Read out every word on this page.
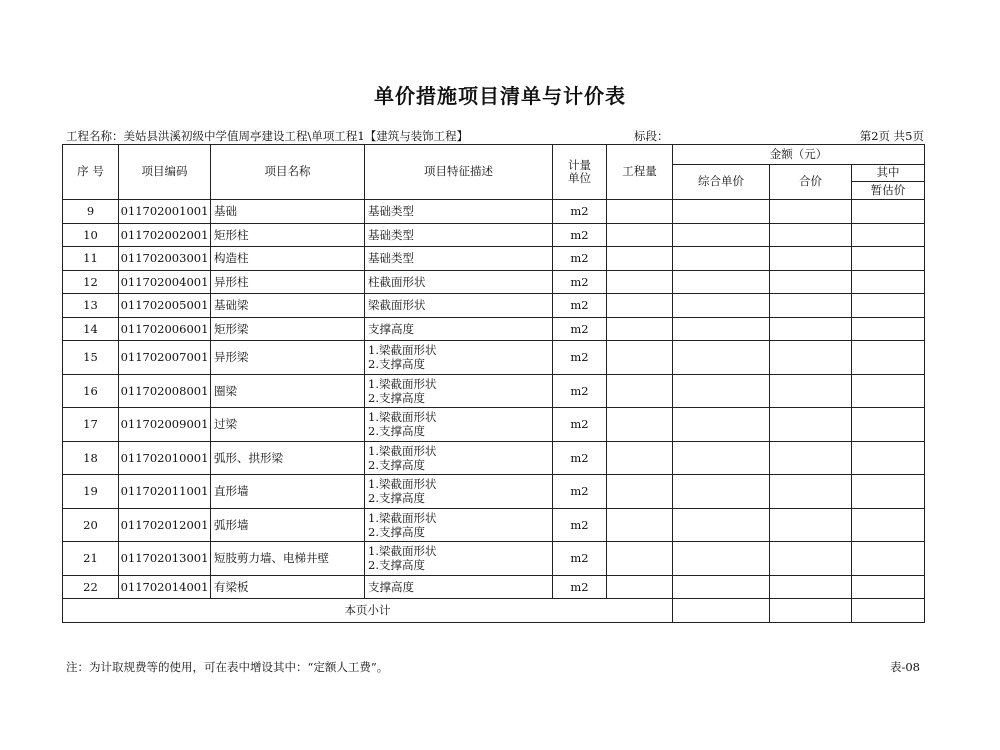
单价措施项目清单与计价表
工程名称：美姑县洪溪初级中学值周亭建设工程\单项工程1【建筑与装饰工程】	标段：	第2页 共5页
序 号	项目编码	项目名称	项目特征描述	计量单位	工程量	金额（元）		
						综合单价	合价	其中
								暂估价
9	011702001001	基础	基础类型	m2				
10	011702002001	矩形柱	基础类型	m2				
11	011702003001	构造柱	基础类型	m2				
12	011702004001	异形柱	柱截面形状	m2				
13	011702005001	基础梁	梁截面形状	m2				
14	011702006001	矩形梁	支撑高度	m2				
15	011702007001	异形梁	1.梁截面形状
2.支撑高度	m2				
16	011702008001	圈梁	1.梁截面形状
2.支撑高度	m2				
17	011702009001	过梁	1.梁截面形状
2.支撑高度	m2				
18	011702010001	弧形、拱形梁	1.梁截面形状
2.支撑高度	m2				
19	011702011001	直形墙	1.梁截面形状
2.支撑高度	m2				
20	011702012001	弧形墙	1.梁截面形状
2.支撑高度	m2				
21	011702013001	短肢剪力墙、电梯井壁	1.梁截面形状
2.支撑高度	m2				
22	011702014001	有梁板	支撑高度	m2				
本页小计								
注：为计取规费等的使用，可在表中增设其中：“定额人工费”。	表-08
